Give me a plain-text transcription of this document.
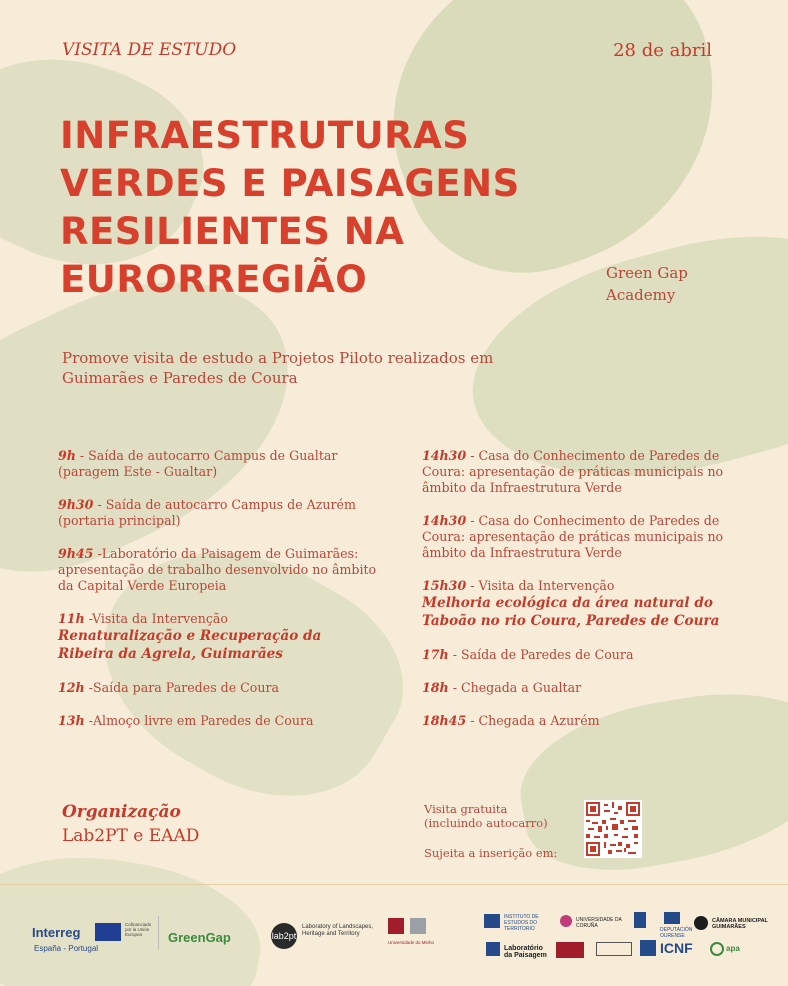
VISITA DE ESTUDO	28 de abril
INFRAESTRUTURAS
VERDES E PAISAGENS
RESILIENTES NA
EURORREGIÃO	Green Gap
Academy

Promove visita de estudo a Projetos Piloto realizados em Guimarães e Paredes de Coura

9h - Saída de autocarro Campus de Gualtar (paragem Este - Gualtar)

9h30 - Saída de autocarro Campus de Azurém (portaria principal)

9h45 -Laboratório da Paisagem de Guimarães: apresentação de trabalho desenvolvido no âmbito da Capital Verde Europeia

11h -Visita da Intervenção
Renaturalização e Recuperação da Ribeira da Agrela, Guimarães

12h -Saída para Paredes de Coura

13h -Almoço livre em Paredes de Coura

14h30 - Casa do Conhecimento de Paredes de Coura: apresentação de práticas municipais no âmbito da Infraestrutura Verde

14h30 - Casa do Conhecimento de Paredes de Coura: apresentação de práticas municipais no âmbito da Infraestrutura Verde

15h30 - Visita da Intervenção
Melhoria ecológica da área natural do Taboão no rio Coura, Paredes de Coura

17h - Saída de Paredes de Coura

18h - Chegada a Gualtar

18h45 - Chegada a Azurém

Organização
Lab2PT e EAAD
Visita gratuita
(incluindo autocarro)
Sujeita a inserição em:
Interreg
España - Portugal
Cofinanciado por la Unión Europea	GreenGap	lab2pt
Laboratory of Landscapes, Heritage and Territory
Universidade do Minho
INSTITUTO DE ESTUDOS DO TERRITORIO
UNIVERSIDADE DA CORUÑA
DEPUTACIÓN OURENSE
CÂMARA MUNICIPAL GUIMARÃES
Laboratório da Paisagem	ICNF	apa
